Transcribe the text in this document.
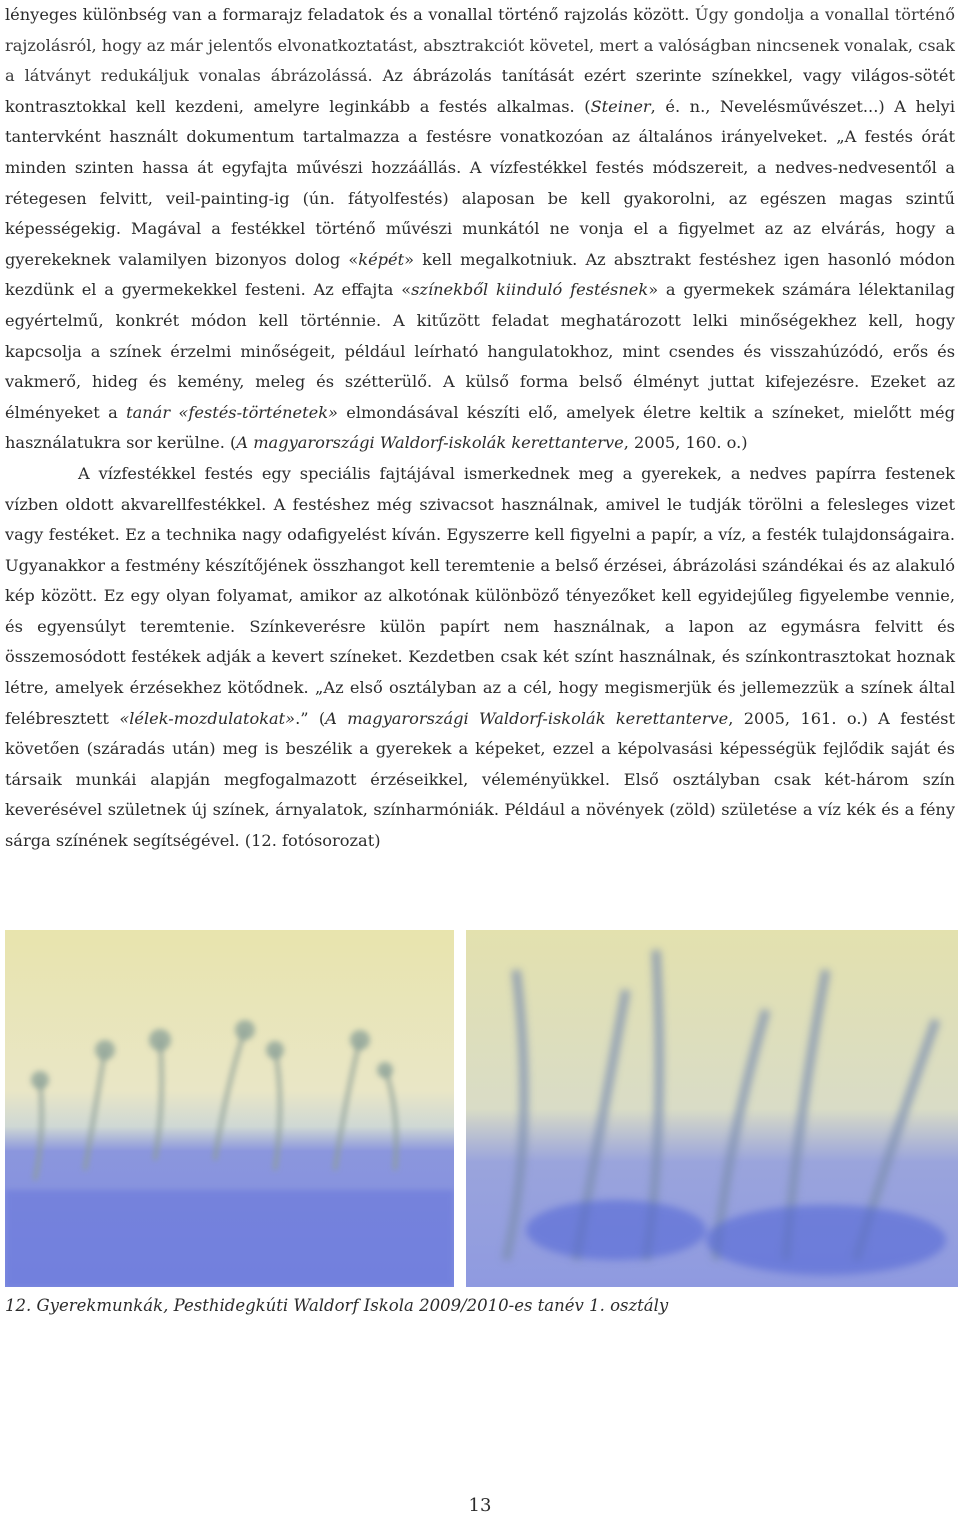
lényeges különbség van a formarajz feladatok és a vonallal történő rajzolás között. Úgy gondolja a vonallal történő rajzolásról, hogy az már jelentős elvonatkoztatást, absztrakciót követel, mert a valóságban nincsenek vonalak, csak a látványt redukáljuk vonalas ábrázolássá. Az ábrázolás tanítását ezért szerinte színekkel, vagy világos-sötét kontrasztokkal kell kezdeni, amelyre leginkább a festés alkalmas. (Steiner, é. n., Nevelésművészet...) A helyi tantervként használt dokumentum tartalmazza a festésre vonatkozóan az általános irányelveket. „A festés órát minden szinten hassa át egyfajta művészi hozzáállás. A vízfestékkel festés módszereit, a nedves-nedvesentől a rétegesen felvitt, veil-painting-ig (ún. fátyolfestés) alaposan be kell gyakorolni, az egészen magas szintű képességekig. Magával a festékkel történő művészi munkától ne vonja el a figyelmet az az elvárás, hogy a gyerekeknek valamilyen bizonyos dolog «képét» kell megalkotniuk. Az absztrakt festéshez igen hasonló módon kezdünk el a gyermekekkel festeni. Az effajta «színekből kiinduló festésnek» a gyermekek számára lélektanilag egyértelmű, konkrét módon kell történnie. A kitűzött feladat meghatározott lelki minőségekhez kell, hogy kapcsolja a színek érzelmi minőségeit, például leírható hangulatokhoz, mint csendes és visszahúzódó, erős és vakmerő, hideg és kemény, meleg és szétterülő. A külső forma belső élményt juttat kifejezésre. Ezeket az élményeket a tanár «festés-történetek» elmondásával készíti elő, amelyek életre keltik a színeket, mielőtt még használatukra sor kerülne. (A magyarországi Waldorf-iskolák kerettanterve, 2005, 160. o.)

A vízfestékkel festés egy speciális fajtájával ismerkednek meg a gyerekek, a nedves papírra festenek vízben oldott akvarellfestékkel. A festéshez még szivacsot használnak, amivel le tudják törölni a felesleges vizet vagy festéket. Ez a technika nagy odafigyelést kíván. Egyszerre kell figyelni a papír, a víz, a festék tulajdonságaira. Ugyanakkor a festmény készítőjének összhangot kell teremtenie a belső érzései, ábrázolási szándékai és az alakuló kép között. Ez egy olyan folyamat, amikor az alkotónak különböző tényezőket kell egyidejűleg figyelembe vennie, és egyensúlyt teremtenie. Színkeverésre külön papírt nem használnak, a lapon az egymásra felvitt és összemosódott festékek adják a kevert színeket. Kezdetben csak két színt használnak, és színkontrasztokat hoznak létre, amelyek érzésekhez kötődnek. „Az első osztályban az a cél, hogy megismerjük és jellemezzük a színek által felébresztett «lélek-mozdulatokat».” (A magyarországi Waldorf-iskolák kerettanterve, 2005, 161. o.) A festést követően (száradás után) meg is beszélik a gyerekek a képeket, ezzel a képolvasási képességük fejlődik saját és társaik munkái alapján megfogalmazott érzéseikkel, véleményükkel. Első osztályban csak két-három szín keverésével születnek új színek, árnyalatok, színharmóniák. Például a növények (zöld) születése a víz kék és a fény sárga színének segítségével. (12. fotósorozat)

12. Gyerekmunkák, Pesthidegkúti Waldorf Iskola 2009/2010-es tanév 1. osztály
13
